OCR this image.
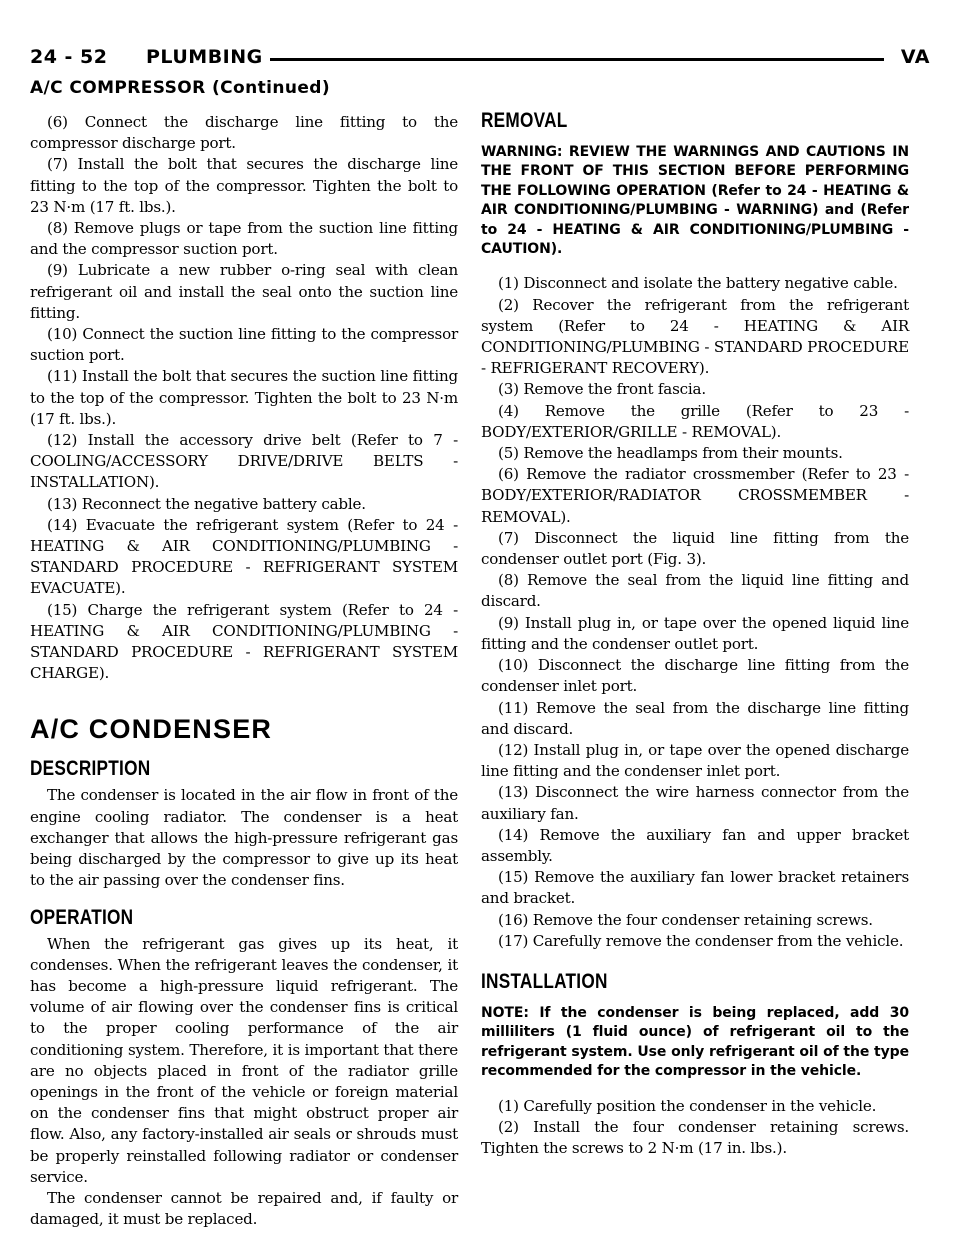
24 - 52 PLUMBING	VA
A/C COMPRESSOR (Continued)

(6) Connect the discharge line fitting to the compressor discharge port.

(7) Install the bolt that secures the discharge line fitting to the top of the compressor. Tighten the bolt to 23 N·m (17 ft. lbs.).

(8) Remove plugs or tape from the suction line fitting and the compressor suction port.

(9) Lubricate a new rubber o-ring seal with clean refrigerant oil and install the seal onto the suction line fitting.

(10) Connect the suction line fitting to the compressor suction port.

(11) Install the bolt that secures the suction line fitting to the top of the compressor. Tighten the bolt to 23 N·m (17 ft. lbs.).

(12) Install the accessory drive belt (Refer to 7 - COOLING/ACCESSORY DRIVE/DRIVE BELTS - INSTALLATION).

(13) Reconnect the negative battery cable.

(14) Evacuate the refrigerant system (Refer to 24 - HEATING & AIR CONDITIONING/PLUMBING - STANDARD PROCEDURE - REFRIGERANT SYSTEM EVACUATE).

(15) Charge the refrigerant system (Refer to 24 - HEATING & AIR CONDITIONING/PLUMBING - STANDARD PROCEDURE - REFRIGERANT SYSTEM CHARGE).

A/C CONDENSER
DESCRIPTION

The condenser is located in the air flow in front of the engine cooling radiator. The condenser is a heat exchanger that allows the high-pressure refrigerant gas being discharged by the compressor to give up its heat to the air passing over the condenser fins.

OPERATION

When the refrigerant gas gives up its heat, it condenses. When the refrigerant leaves the condenser, it has become a high-pressure liquid refrigerant. The volume of air flowing over the condenser fins is critical to the proper cooling performance of the air conditioning system. Therefore, it is important that there are no objects placed in front of the radiator grille openings in the front of the vehicle or foreign material on the condenser fins that might obstruct proper air flow. Also, any factory-installed air seals or shrouds must be properly reinstalled following radiator or condenser service.

The condenser cannot be repaired and, if faulty or damaged, it must be replaced.

REMOVAL

WARNING: REVIEW THE WARNINGS AND CAUTIONS IN THE FRONT OF THIS SECTION BEFORE PERFORMING THE FOLLOWING OPERATION (Refer to 24 - HEATING & AIR CONDITIONING/PLUMBING - WARNING) and (Refer to 24 - HEATING & AIR CONDITIONING/PLUMBING - CAUTION).

(1) Disconnect and isolate the battery negative cable.

(2) Recover the refrigerant from the refrigerant system (Refer to 24 - HEATING & AIR CONDITIONING/PLUMBING - STANDARD PROCEDURE - REFRIGERANT RECOVERY).

(3) Remove the front fascia.

(4) Remove the grille (Refer to 23 - BODY/EXTERIOR/GRILLE - REMOVAL).

(5) Remove the headlamps from their mounts.

(6) Remove the radiator crossmember (Refer to 23 - BODY/EXTERIOR/RADIATOR CROSSMEMBER - REMOVAL).

(7) Disconnect the liquid line fitting from the condenser outlet port (Fig. 3).

(8) Remove the seal from the liquid line fitting and discard.

(9) Install plug in, or tape over the opened liquid line fitting and the condenser outlet port.

(10) Disconnect the discharge line fitting from the condenser inlet port.

(11) Remove the seal from the discharge line fitting and discard.

(12) Install plug in, or tape over the opened discharge line fitting and the condenser inlet port.

(13) Disconnect the wire harness connector from the auxiliary fan.

(14) Remove the auxiliary fan and upper bracket assembly.

(15) Remove the auxiliary fan lower bracket retainers and bracket.

(16) Remove the four condenser retaining screws.

(17) Carefully remove the condenser from the vehicle.

INSTALLATION

NOTE: If the condenser is being replaced, add 30 milliliters (1 fluid ounce) of refrigerant oil to the refrigerant system. Use only refrigerant oil of the type recommended for the compressor in the vehicle.

(1) Carefully position the condenser in the vehicle.

(2) Install the four condenser retaining screws. Tighten the screws to 2 N·m (17 in. lbs.).
